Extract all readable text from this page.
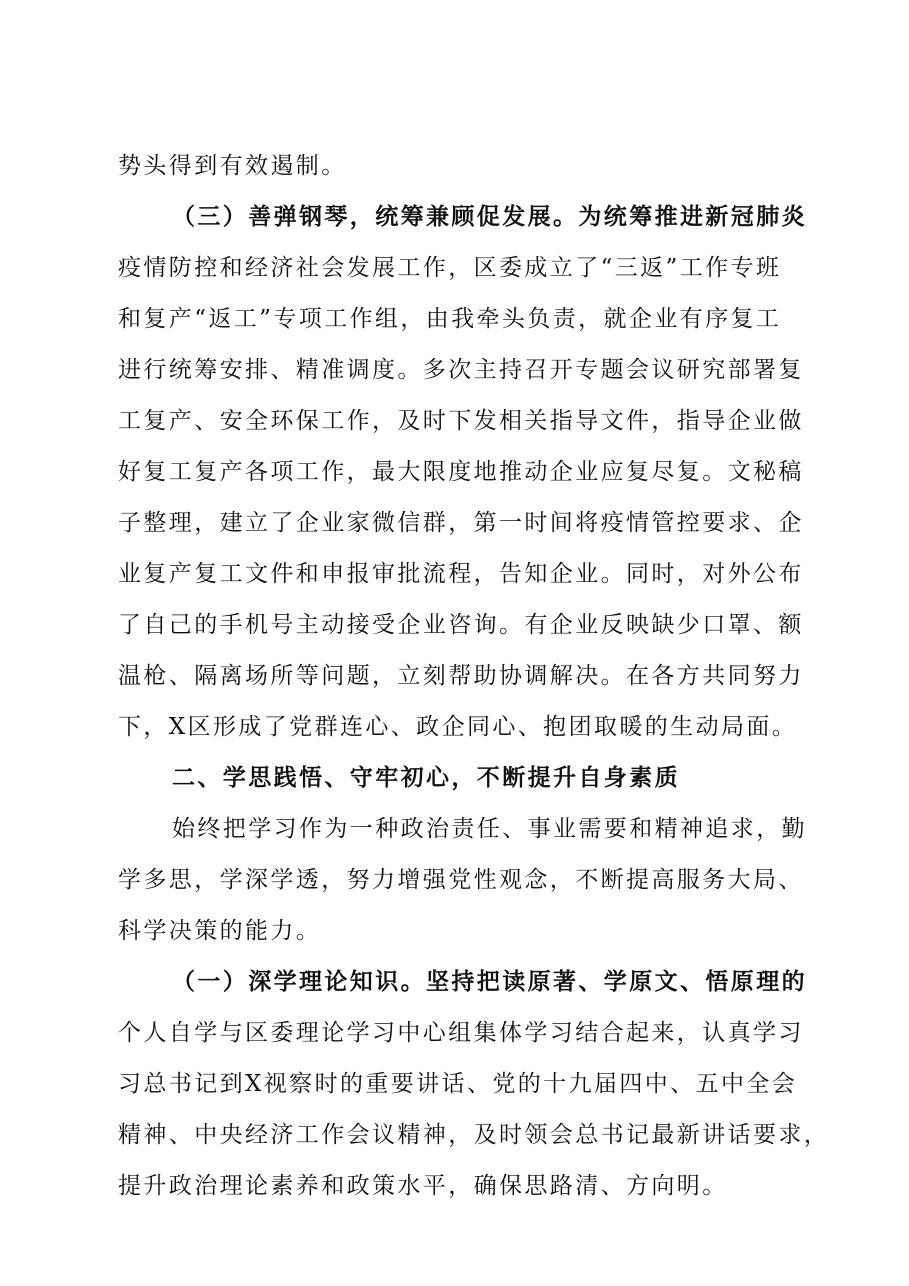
势头得到有效遏制。
（三）善弹钢琴，统筹兼顾促发展。为统筹推进新冠肺炎
疫情防控和经济社会发展工作，区委成立了“三返”工作专班
和复产“返工”专项工作组，由我牵头负责，就企业有序复工
进行统筹安排、精准调度。多次主持召开专题会议研究部署复
工复产、安全环保工作，及时下发相关指导文件，指导企业做
好复工复产各项工作，最大限度地推动企业应复尽复。文秘稿
子整理，建立了企业家微信群，第一时间将疫情管控要求、企
业复产复工文件和申报审批流程，告知企业。同时，对外公布
了自己的手机号主动接受企业咨询。有企业反映缺少口罩、额
温枪、隔离场所等问题，立刻帮助协调解决。在各方共同努力
下，X区形成了党群连心、政企同心、抱团取暖的生动局面。
二、学思践悟、守牢初心，不断提升自身素质
始终把学习作为一种政治责任、事业需要和精神追求，勤
学多思，学深学透，努力增强党性观念，不断提高服务大局、
科学决策的能力。
（一）深学理论知识。坚持把读原著、学原文、悟原理的
个人自学与区委理论学习中心组集体学习结合起来，认真学习
习总书记到X视察时的重要讲话、党的十九届四中、五中全会
精神、中央经济工作会议精神，及时领会总书记最新讲话要求，
提升政治理论素养和政策水平，确保思路清、方向明。
